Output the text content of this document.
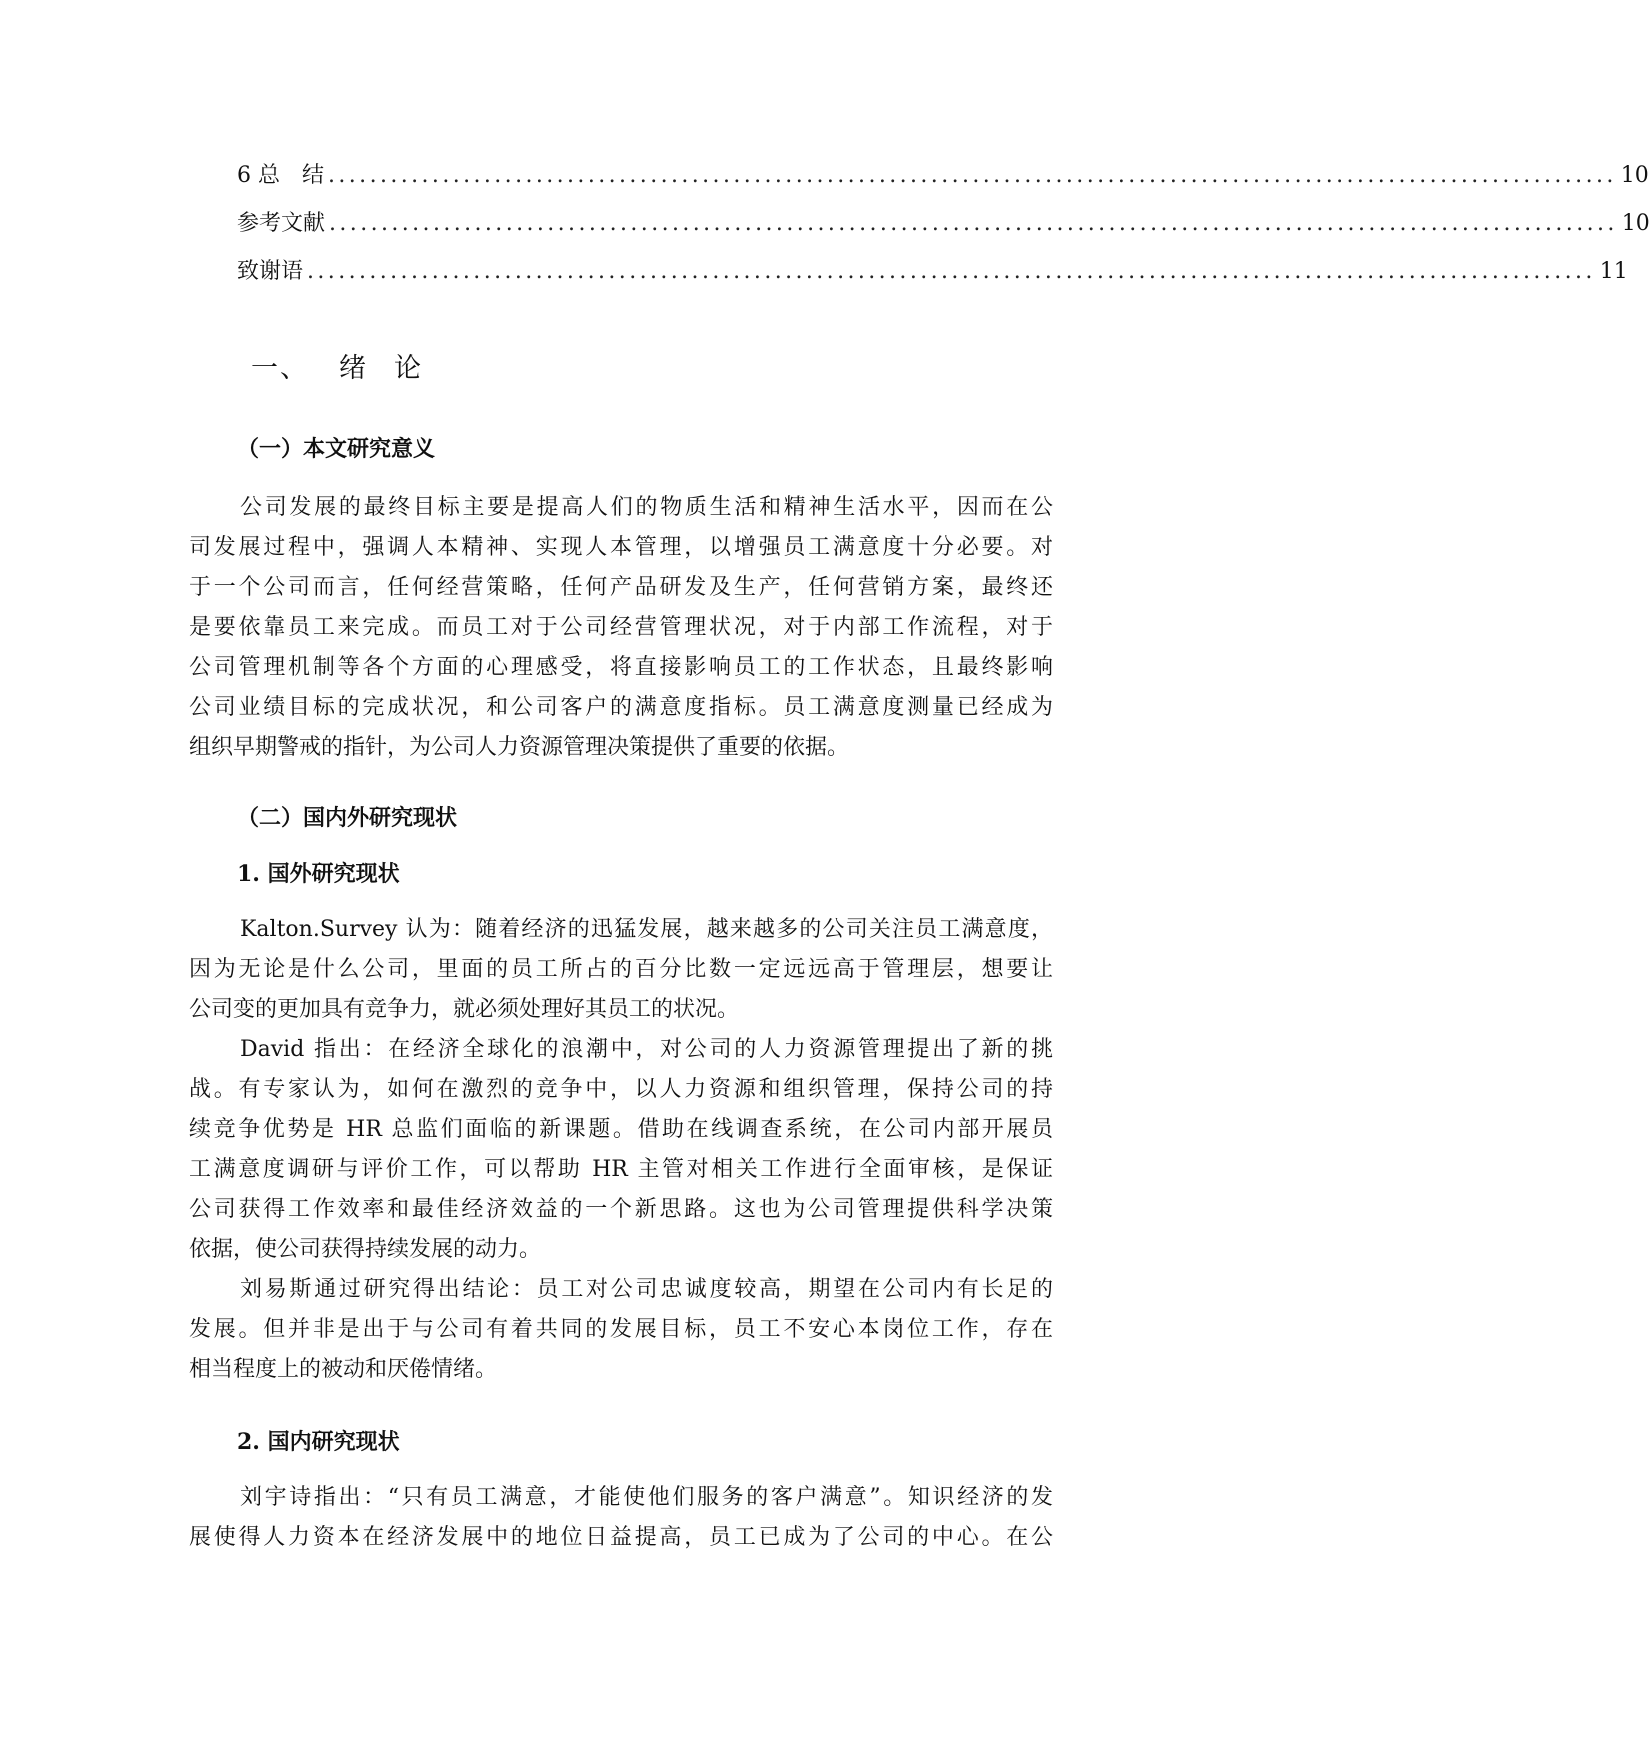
6 总　结 ............................................................................................................................ 10
参考文献 ............................................................................................................................ 10
致谢语 ............................................................................................................................ 11
一、 绪 论
（一）本文研究意义
公司发展的最终目标主要是提高人们的物质生活和精神生活水平，因而在公
司发展过程中，强调人本精神、实现人本管理，以增强员工满意度十分必要。对
于一个公司而言，任何经营策略，任何产品研发及生产，任何营销方案，最终还
是要依靠员工来完成。而员工对于公司经营管理状况，对于内部工作流程，对于
公司管理机制等各个方面的心理感受，将直接影响员工的工作状态，且最终影响
公司业绩目标的完成状况，和公司客户的满意度指标。员工满意度测量已经成为
组织早期警戒的指针，为公司人力资源管理决策提供了重要的依据。
（二）国内外研究现状
1. 国外研究现状
Kalton.Survey 认为：随着经济的迅猛发展，越来越多的公司关注员工满意度，
因为无论是什么公司，里面的员工所占的百分比数一定远远高于管理层，想要让
公司变的更加具有竞争力，就必须处理好其员工的状况。
David 指出：在经济全球化的浪潮中，对公司的人力资源管理提出了新的挑
战。有专家认为，如何在激烈的竞争中，以人力资源和组织管理，保持公司的持
续竞争优势是 HR 总监们面临的新课题。借助在线调查系统，在公司内部开展员
工满意度调研与评价工作，可以帮助 HR 主管对相关工作进行全面审核，是保证
公司获得工作效率和最佳经济效益的一个新思路。这也为公司管理提供科学决策
依据，使公司获得持续发展的动力。
刘易斯通过研究得出结论：员工对公司忠诚度较高，期望在公司内有长足的
发展。但并非是出于与公司有着共同的发展目标，员工不安心本岗位工作，存在
相当程度上的被动和厌倦情绪。
2. 国内研究现状
刘宇诗指出：“只有员工满意，才能使他们服务的客户满意”。知识经济的发
展使得人力资本在经济发展中的地位日益提高，员工已成为了公司的中心。在公
